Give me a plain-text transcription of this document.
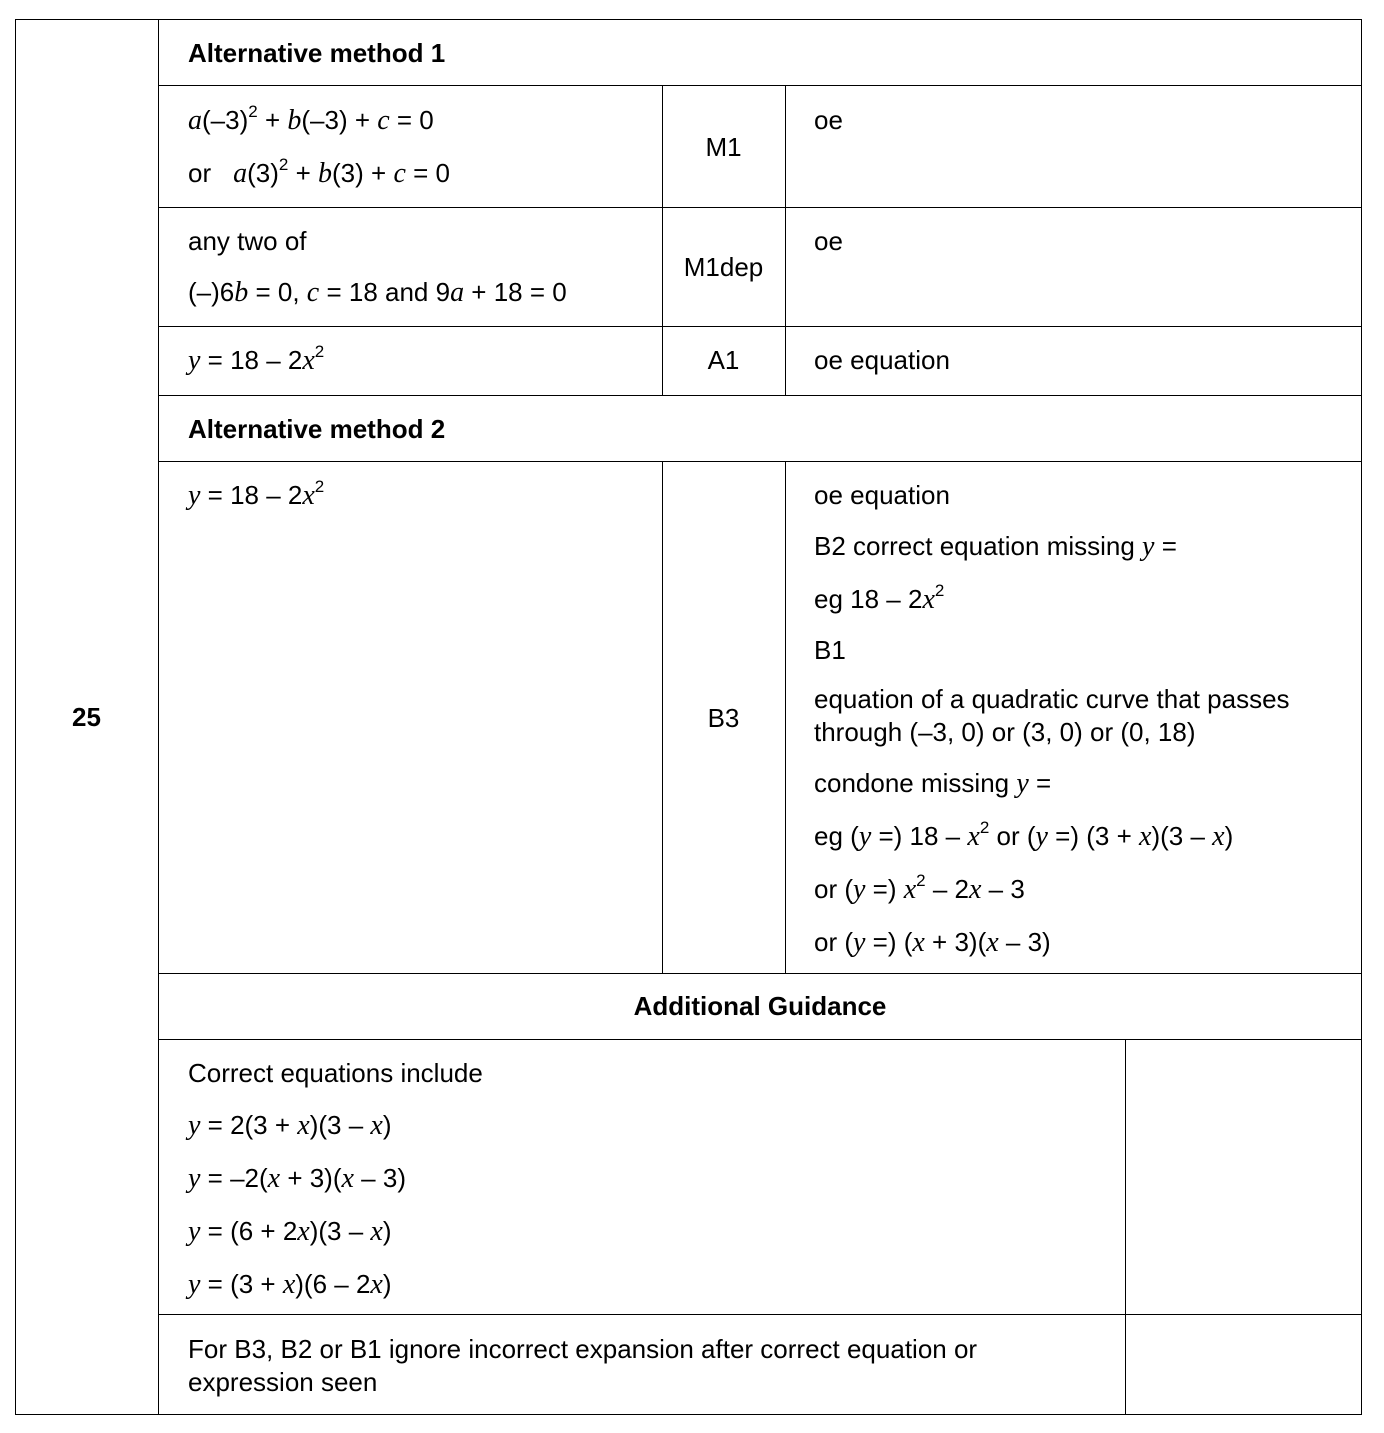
25
Alternative method 1

$a(-3)^2 + b(-3) + c = 0$

or $a(3)^2 + b(3) + c = 0$

M1
oe

any two of

(–)6b = 0, c = 18 and 9a + 18 = 0

M1dep
oe
$y = 18 - 2x^2$	A1	oe equation
Alternative method 2
$y = 18 - 2x^2$
B3

oe equation

B2 correct equation missing y =

eg $18 - 2x^2$

B1

equation of a quadratic curve that passes through (–3, 0) or (3, 0) or (0, 18)

condone missing y =

eg (y =) $18 - x^2$ or (y =) (3 + x)(3 – x)

or (y =) $x^2 - 2x - 3$

or (y =) (x + 3)(x – 3)

Additional Guidance

Correct equations include

y = 2(3 + x)(3 – x)

y = –2(x + 3)(x – 3)

y = (6 + 2x)(3 – x)

y = (3 + x)(6 – 2x)

For B3, B2 or B1 ignore incorrect expansion after correct equation or expression seen
